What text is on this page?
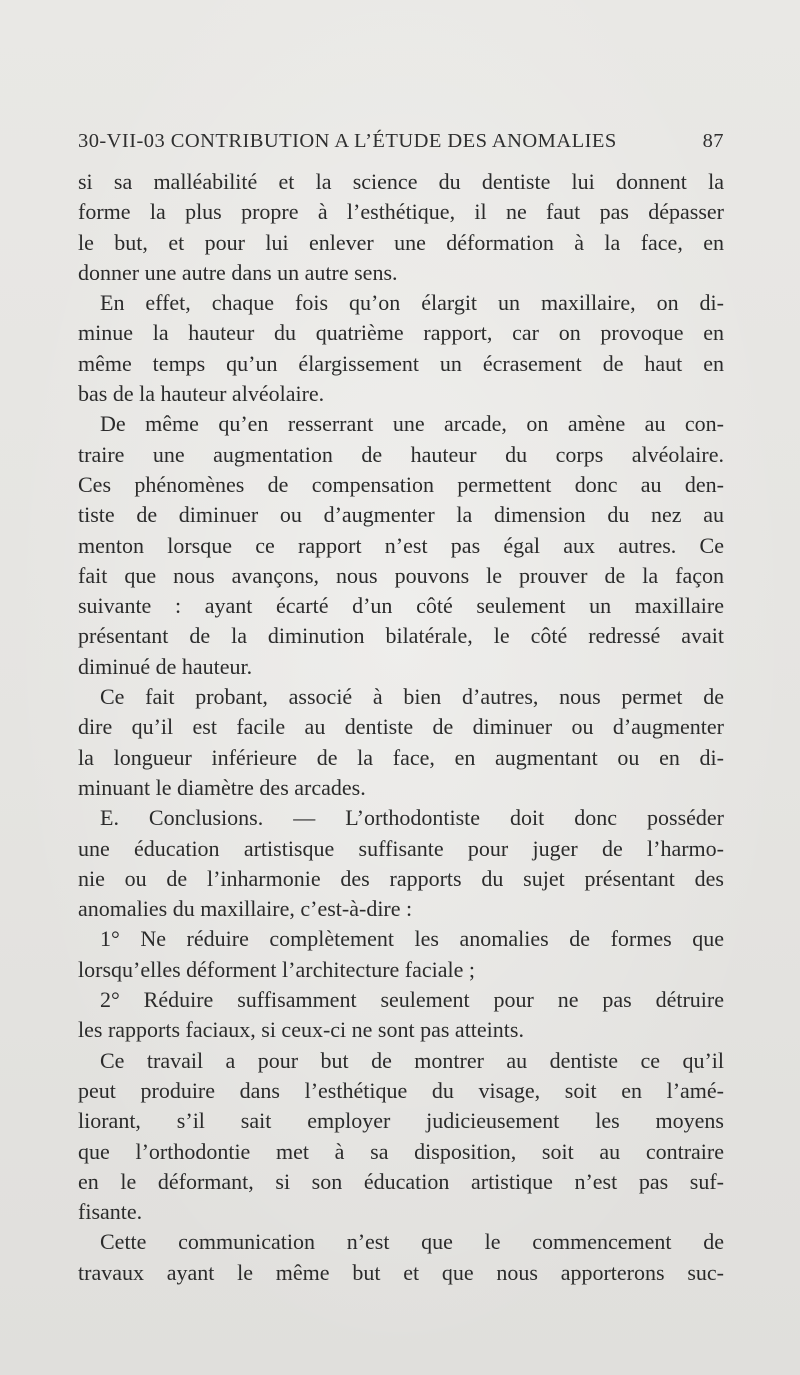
30-VII-03 CONTRIBUTION A L’ÉTUDE DES ANOMALIES	87
si sa malléabilité et la science du dentiste lui donnent la
forme la plus propre à l’esthétique, il ne faut pas dépasser
le but, et pour lui enlever une déformation à la face, en
donner une autre dans un autre sens.
En effet, chaque fois qu’on élargit un maxillaire, on di-
minue la hauteur du quatrième rapport, car on provoque en
même temps qu’un élargissement un écrasement de haut en
bas de la hauteur alvéolaire.
De même qu’en resserrant une arcade, on amène au con-
traire une augmentation de hauteur du corps alvéolaire.
Ces phénomènes de compensation permettent donc au den-
tiste de diminuer ou d’augmenter la dimension du nez au
menton lorsque ce rapport n’est pas égal aux autres. Ce
fait que nous avançons, nous pouvons le prouver de la façon
suivante : ayant écarté d’un côté seulement un maxillaire
présentant de la diminution bilatérale, le côté redressé avait
diminué de hauteur.
Ce fait probant, associé à bien d’autres, nous permet de
dire qu’il est facile au dentiste de diminuer ou d’augmenter
la longueur inférieure de la face, en augmentant ou en di-
minuant le diamètre des arcades.
E. Conclusions. — L’orthodontiste doit donc posséder
une éducation artistisque suffisante pour juger de l’harmo-
nie ou de l’inharmonie des rapports du sujet présentant des
anomalies du maxillaire, c’est-à-dire :
1° Ne réduire complètement les anomalies de formes que
lorsqu’elles déforment l’architecture faciale ;
2° Réduire suffisamment seulement pour ne pas détruire
les rapports faciaux, si ceux-ci ne sont pas atteints.
Ce travail a pour but de montrer au dentiste ce qu’il
peut produire dans l’esthétique du visage, soit en l’amé-
liorant, s’il sait employer judicieusement les moyens
que l’orthodontie met à sa disposition, soit au contraire
en le déformant, si son éducation artistique n’est pas suf-
fisante.
Cette communication n’est que le commencement de
travaux ayant le même but et que nous apporterons suc-
